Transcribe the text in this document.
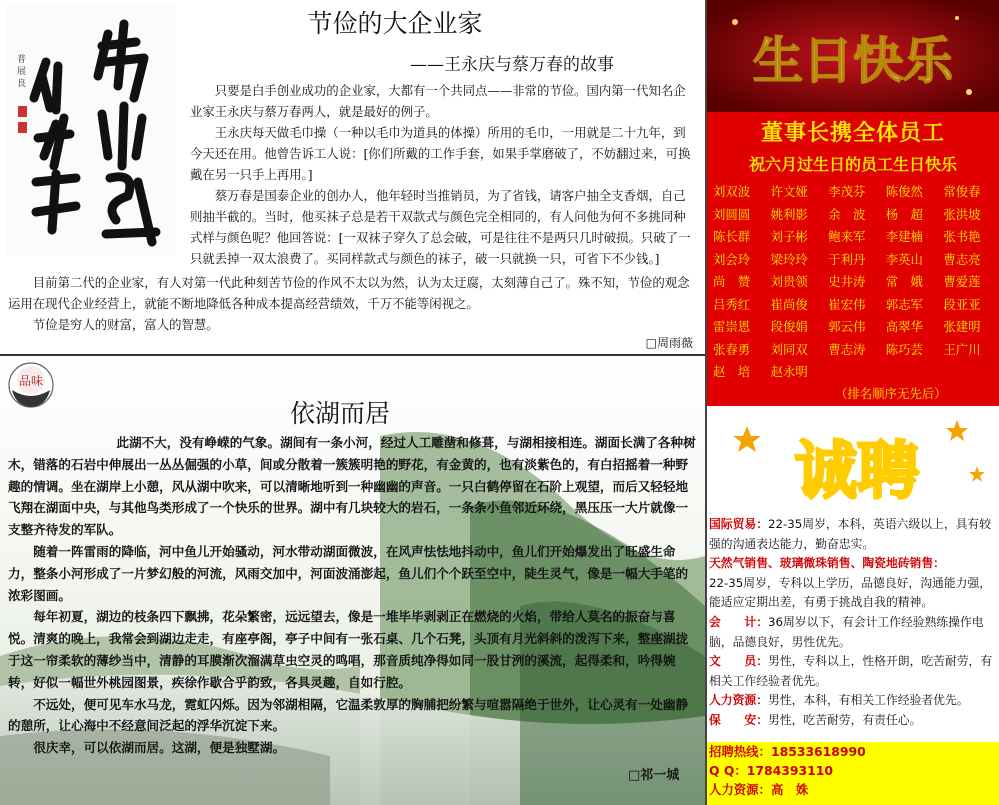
普
展
良
节俭的大企业家
——王永庆与蔡万春的故事

只要是白手创业成功的企业家，大都有一个共同点——非常的节俭。国内第一代知名企业家王永庆与蔡万春两人，就是最好的例子。

王永庆每天做毛巾操（一种以毛巾为道具的体操）所用的毛巾，一用就是二十九年，到今天还在用。他曾告诉工人说：[你们所戴的工作手套，如果手掌磨破了，不妨翻过来，可换戴在另一只手上再用。]

蔡万春是国泰企业的创办人，他年轻时当推销员，为了省钱，请客户抽全支香烟，自己则抽半截的。当时，他买袜子总是若干双款式与颜色完全相同的，有人问他为何不多挑同种式样与颜色呢？他回答说：[一双袜子穿久了总会破，可是往往不是两只几时破损。只破了一只就丢掉一双太浪费了。买同样款式与颜色的袜子，破一只就换一只，可省下不少钱。]

目前第二代的企业家，有人对第一代此种刻苦节俭的作风不太以为然，认为太迂腐，太刻薄自己了。殊不知，节俭的观念运用在现代企业经营上，就能不断地降低各种成本提高经营绩效，千万不能等闲视之。

节俭是穷人的财富，富人的智慧。

□周雨薇
品味
依湖而居

此湖不大，没有峥嵘的气象。湖间有一条小河，经过人工雕凿和修葺，与湖相接相连。湖面长满了各种树木，错落的石岩中伸展出一丛丛倔强的小草，间或分散着一簇簇明艳的野花，有金黄的，也有淡紫色的，有白招摇着一种野趣的情调。坐在湖岸上小憩，风从湖中吹来，可以清晰地听到一种幽幽的声音。一只白鹤停留在石阶上观望，而后又轻轻地飞翔在湖面中央，与其他鸟类形成了一个快乐的世界。湖中有几块较大的岩石，一条条小鱼邻近环绕，黑压压一大片就像一支整齐待发的军队。

随着一阵雷雨的降临，河中鱼儿开始骚动，河水带动湖面微波，在风声怯怯地抖动中，鱼儿们开始爆发出了旺盛生命力，整条小河形成了一片梦幻般的河流，风雨交加中，河面波涌澎起，鱼儿们个个跃至空中，陡生灵气，像是一幅大手笔的浓彩图画。

每年初夏，湖边的枝条四下飘拂，花朵繁密，远远望去，像是一堆毕毕剥剥正在燃烧的火焰，带给人莫名的振奋与喜悦。清爽的晚上，我常会到湖边走走，有座亭阁，亭子中间有一张石桌、几个石凳，头顶有月光斜斜的泼泻下来，整座湖拢于这一帘柔软的薄纱当中，清静的耳膜渐次溜满草虫空灵的鸣唱，那音质纯净得如同一股甘洌的溪流，起得柔和，吟得婉转，好似一幅世外桃园图景，疾徐作歇合乎韵致，各具灵趣，自如行腔。

不远处，便可见车水马龙，霓虹闪烁。因为邻湖相隔，它温柔敦厚的胸脯把纷繁与喧嚣隔绝于世外，让心灵有一处幽静的憩所，让心海中不经意间泛起的浮华沉淀下来。

很庆幸，可以依湖而居。这湖，便是独墅湖。

□祁一城
生日快乐
董事长携全体员工
祝六月过生日的员工生日快乐
刘双波	许文娅	李茂芬	陈俊然	常俊春
刘圆圆	姚利影	余　波	杨　超	张洪坡
陈长群	刘子彬	鲍来军	李建楠	张书艳
刘会玲	梁玲玲	于利丹	李英山	曹志亮
尚　赞	刘贵领	史井涛	常　娥	曹爱莲
吕秀红	崔尚俊	崔宏伟	郭志军	段亚亚
雷崇恩	段俊娟	郭云伟	高翠华	张建明
张春勇	刘同双	曹志涛	陈巧芸	王广川
赵　培	赵永明			
（排名顺序无先后）
诚聘

国际贸易：22-35周岁，本科，英语六级以上，具有较强的沟通表达能力，勤奋忠实。

天然气销售、玻璃微珠销售、陶瓷地砖销售：
22-35周岁，专科以上学历，品德良好，沟通能力强，能适应定期出差，有勇于挑战自我的精神。

会　　计：36周岁以下，有会计工作经验熟练操作电脑，品德良好，男性优先。

文　　员：男性，专科以上，性格开朗，吃苦耐劳，有相关工作经验者优先。

人力资源：男性，本科，有相关工作经验者优先。

保　　安：男性，吃苦耐劳，有责任心。

招聘热线：18533618990

Q Q：1784393110

人力资源：高　姝
